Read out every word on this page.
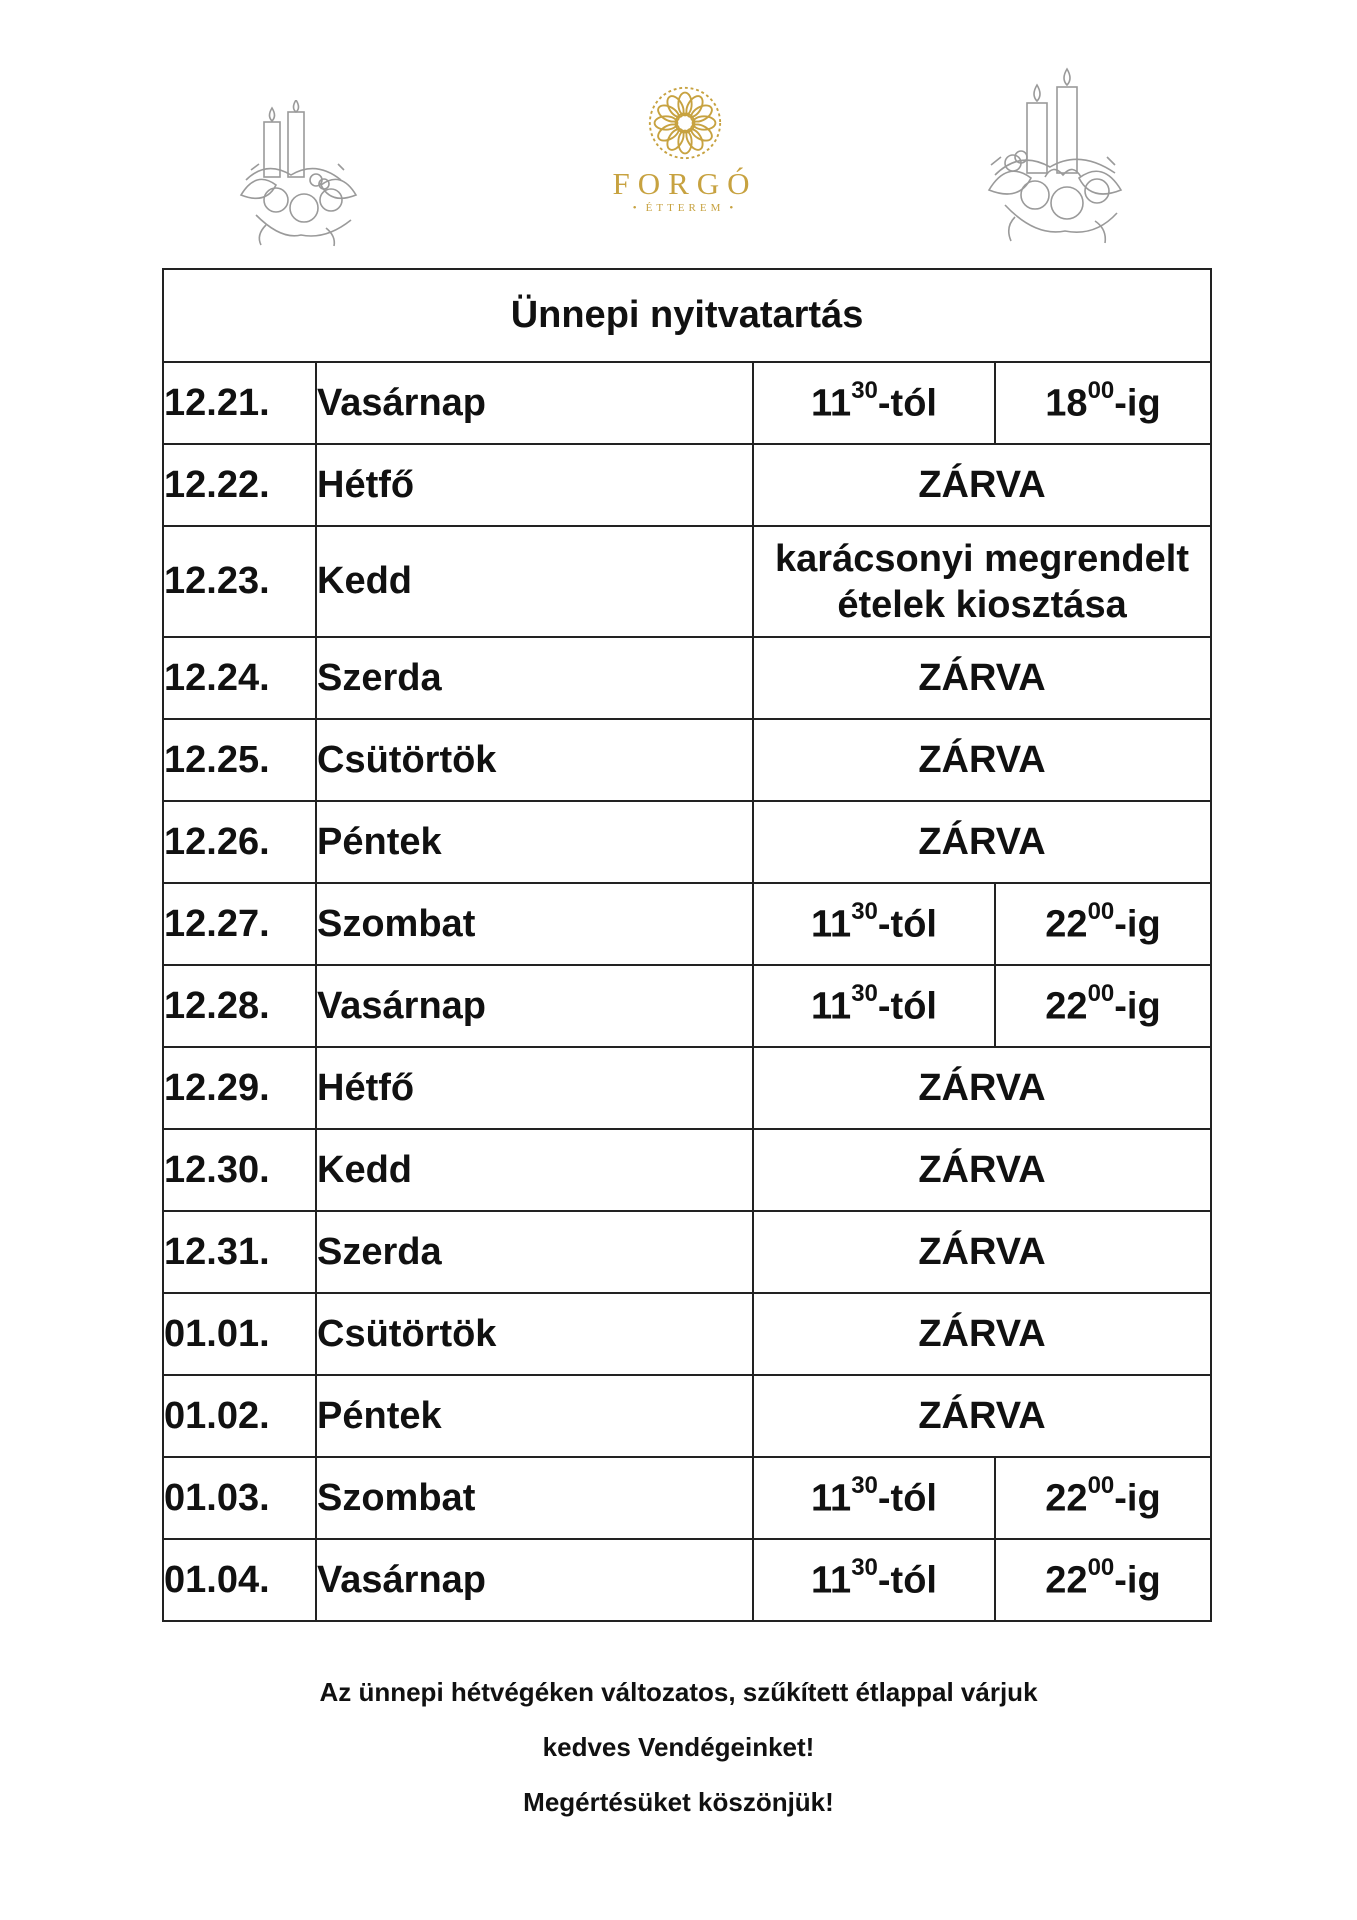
FORGÓ
• ÉTTEREM •
Ünnepi nyitvatartás			
12.21.	Vasárnap	$11^{30}$-tól	$18^{00}-ig$
12.22.	Hétfő	ZÁRVA	
12.23.	Kedd	karácsonyi megrendelt
ételek kiosztása	

12.24.	Szerda	ZÁRVA	
12.25.	Csütörtök	ZÁRVA	
12.26.	Péntek	ZÁRVA	
12.27.	Szombat	$11^{30}$-tól	$22^{00}-ig$
12.28.	Vasárnap	$11^{30}$-tól	$22^{00}-ig$
12.29.	Hétfő	ZÁRVA	
12.30.	Kedd	ZÁRVA	
12.31.	Szerda	ZÁRVA	
01.01.	Csütörtök	ZÁRVA	
01.02.	Péntek	ZÁRVA	
01.03.	Szombat	$11^{30}$-tól	$22^{00}-ig$
01.04.	Vasárnap	$11^{30}$-tól	$22^{00}-ig$
Az ünnepi hétvégéken változatos, szűkített étlappal várjuk
kedves Vendégeinket!
Megértésüket köszönjük!
